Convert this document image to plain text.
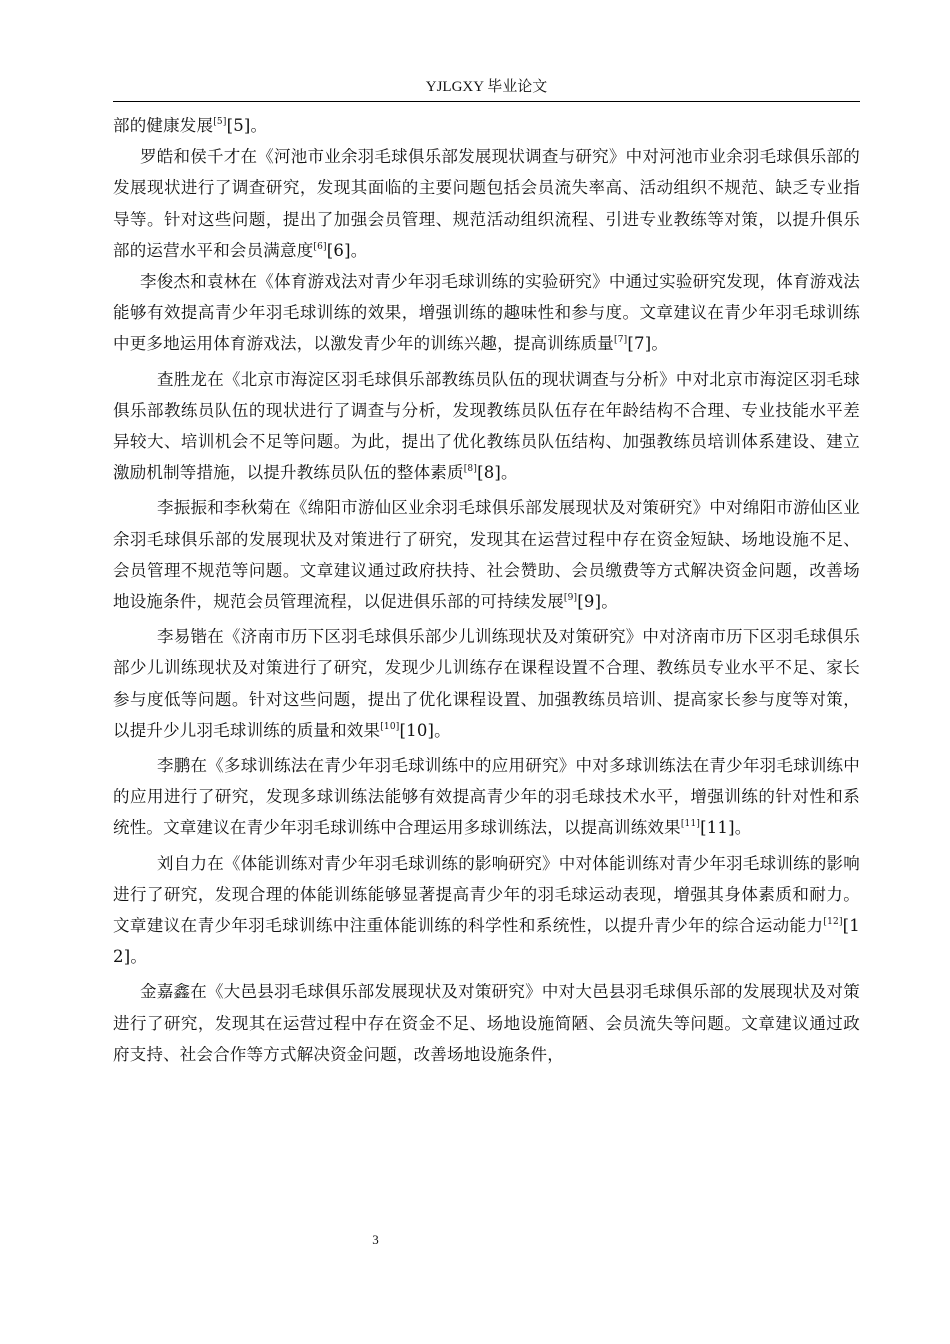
YJLGXY 毕业论文

部的健康发展[5][5]。

罗皓和侯千才在《河池市业余羽毛球俱乐部发展现状调查与研究》中对河池市业余羽毛球俱乐部的发展现状进行了调查研究，发现其面临的主要问题包括会员流失率高、活动组织不规范、缺乏专业指导等。针对这些问题，提出了加强会员管理、规范活动组织流程、引进专业教练等对策，以提升俱乐部的运营水平和会员满意度[6][6]。

李俊杰和袁林在《体育游戏法对青少年羽毛球训练的实验研究》中通过实验研究发现，体育游戏法能够有效提高青少年羽毛球训练的效果，增强训练的趣味性和参与度。文章建议在青少年羽毛球训练中更多地运用体育游戏法，以激发青少年的训练兴趣，提高训练质量[7][7]。

查胜龙在《北京市海淀区羽毛球俱乐部教练员队伍的现状调查与分析》中对北京市海淀区羽毛球俱乐部教练员队伍的现状进行了调查与分析，发现教练员队伍存在年龄结构不合理、专业技能水平差异较大、培训机会不足等问题。为此，提出了优化教练员队伍结构、加强教练员培训体系建设、建立激励机制等措施，以提升教练员队伍的整体素质[8][8]。

李振振和李秋菊在《绵阳市游仙区业余羽毛球俱乐部发展现状及对策研究》中对绵阳市游仙区业余羽毛球俱乐部的发展现状及对策进行了研究，发现其在运营过程中存在资金短缺、场地设施不足、会员管理不规范等问题。文章建议通过政府扶持、社会赞助、会员缴费等方式解决资金问题，改善场地设施条件，规范会员管理流程，以促进俱乐部的可持续发展[9][9]。

李易锴在《济南市历下区羽毛球俱乐部少儿训练现状及对策研究》中对济南市历下区羽毛球俱乐部少儿训练现状及对策进行了研究，发现少儿训练存在课程设置不合理、教练员专业水平不足、家长参与度低等问题。针对这些问题，提出了优化课程设置、加强教练员培训、提高家长参与度等对策，以提升少儿羽毛球训练的质量和效果[10][10]。

李鹏在《多球训练法在青少年羽毛球训练中的应用研究》中对多球训练法在青少年羽毛球训练中的应用进行了研究，发现多球训练法能够有效提高青少年的羽毛球技术水平，增强训练的针对性和系统性。文章建议在青少年羽毛球训练中合理运用多球训练法，以提高训练效果[11][11]。

刘自力在《体能训练对青少年羽毛球训练的影响研究》中对体能训练对青少年羽毛球训练的影响进行了研究，发现合理的体能训练能够显著提高青少年的羽毛球运动表现，增强其身体素质和耐力。文章建议在青少年羽毛球训练中注重体能训练的科学性和系统性，以提升青少年的综合运动能力[12][12]。

金嘉鑫在《大邑县羽毛球俱乐部发展现状及对策研究》中对大邑县羽毛球俱乐部的发展现状及对策进行了研究，发现其在运营过程中存在资金不足、场地设施简陋、会员流失等问题。文章建议通过政府支持、社会合作等方式解决资金问题，改善场地设施条件，

3
